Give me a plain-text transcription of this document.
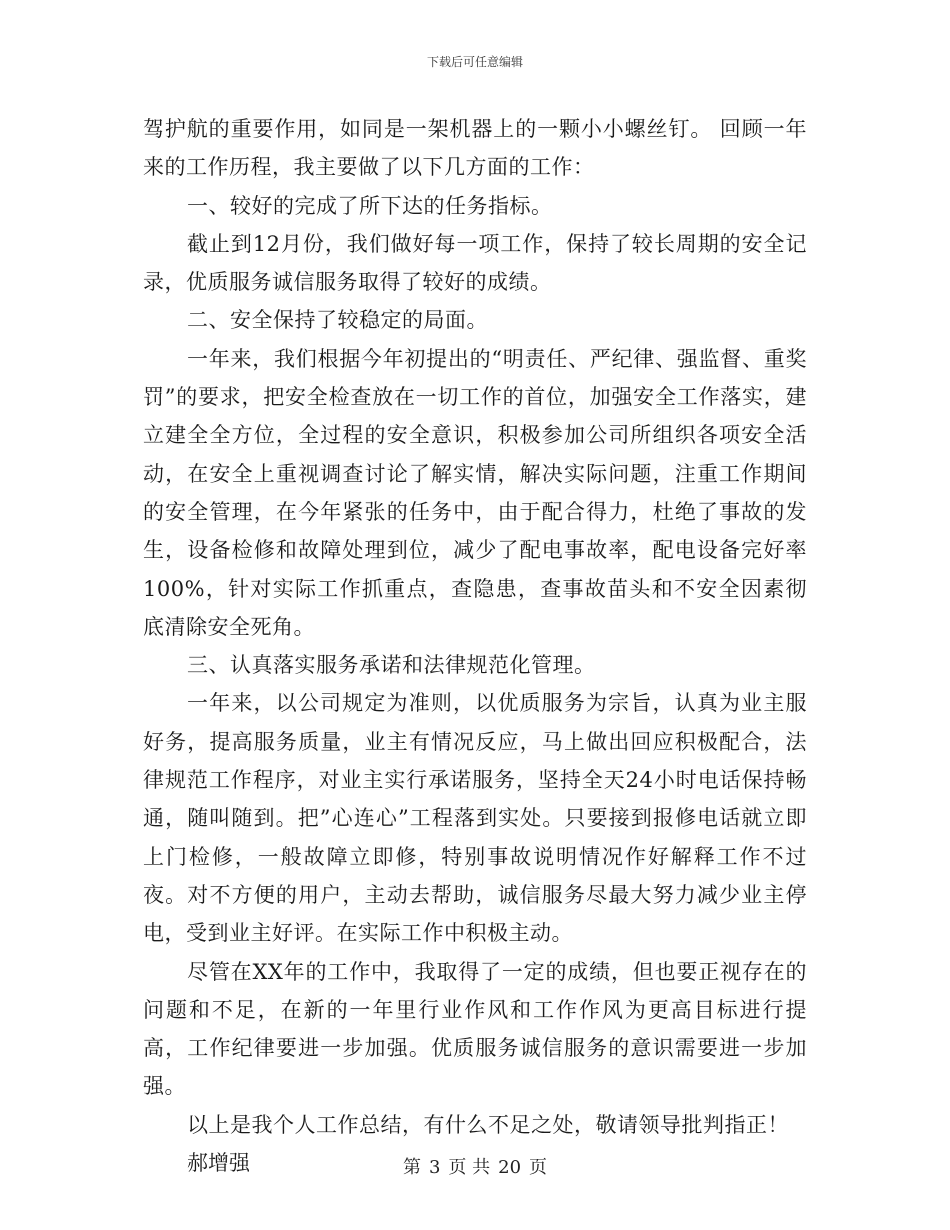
下载后可任意编辑

驾护航的重要作用，如同是一架机器上的一颗小小螺丝钉。 回顾一年来的工作历程，我主要做了以下几方面的工作：

一、较好的完成了所下达的任务指标。

截止到12月份，我们做好每一项工作，保持了较长周期的安全记录，优质服务诚信服务取得了较好的成绩。

二、安全保持了较稳定的局面。

一年来，我们根据今年初提出的“明责任、严纪律、强监督、重奖罚”的要求，把安全检查放在一切工作的首位，加强安全工作落实，建立建全全方位，全过程的安全意识，积极参加公司所组织各项安全活动，在安全上重视调查讨论了解实情，解决实际问题，注重工作期间的安全管理，在今年紧张的任务中，由于配合得力，杜绝了事故的发生，设备检修和故障处理到位，减少了配电事故率，配电设备完好率100%，针对实际工作抓重点，查隐患，查事故苗头和不安全因素彻底清除安全死角。

三、认真落实服务承诺和法律规范化管理。

一年来，以公司规定为准则，以优质服务为宗旨，认真为业主服好务，提高服务质量，业主有情况反应，马上做出回应积极配合，法律规范工作程序，对业主实行承诺服务，坚持全天24小时电话保持畅通，随叫随到。把”心连心”工程落到实处。只要接到报修电话就立即上门检修，一般故障立即修，特别事故说明情况作好解释工作不过夜。对不方便的用户，主动去帮助，诚信服务尽最大努力减少业主停电，受到业主好评。在实际工作中积极主动。

尽管在XX年的工作中，我取得了一定的成绩，但也要正视存在的问题和不足，在新的一年里行业作风和工作作风为更高目标进行提高，工作纪律要进一步加强。优质服务诚信服务的意识需要进一步加强。

以上是我个人工作总结，有什么不足之处，敬请领导批判指正！

郝增强	第 3 页 共 20 页
